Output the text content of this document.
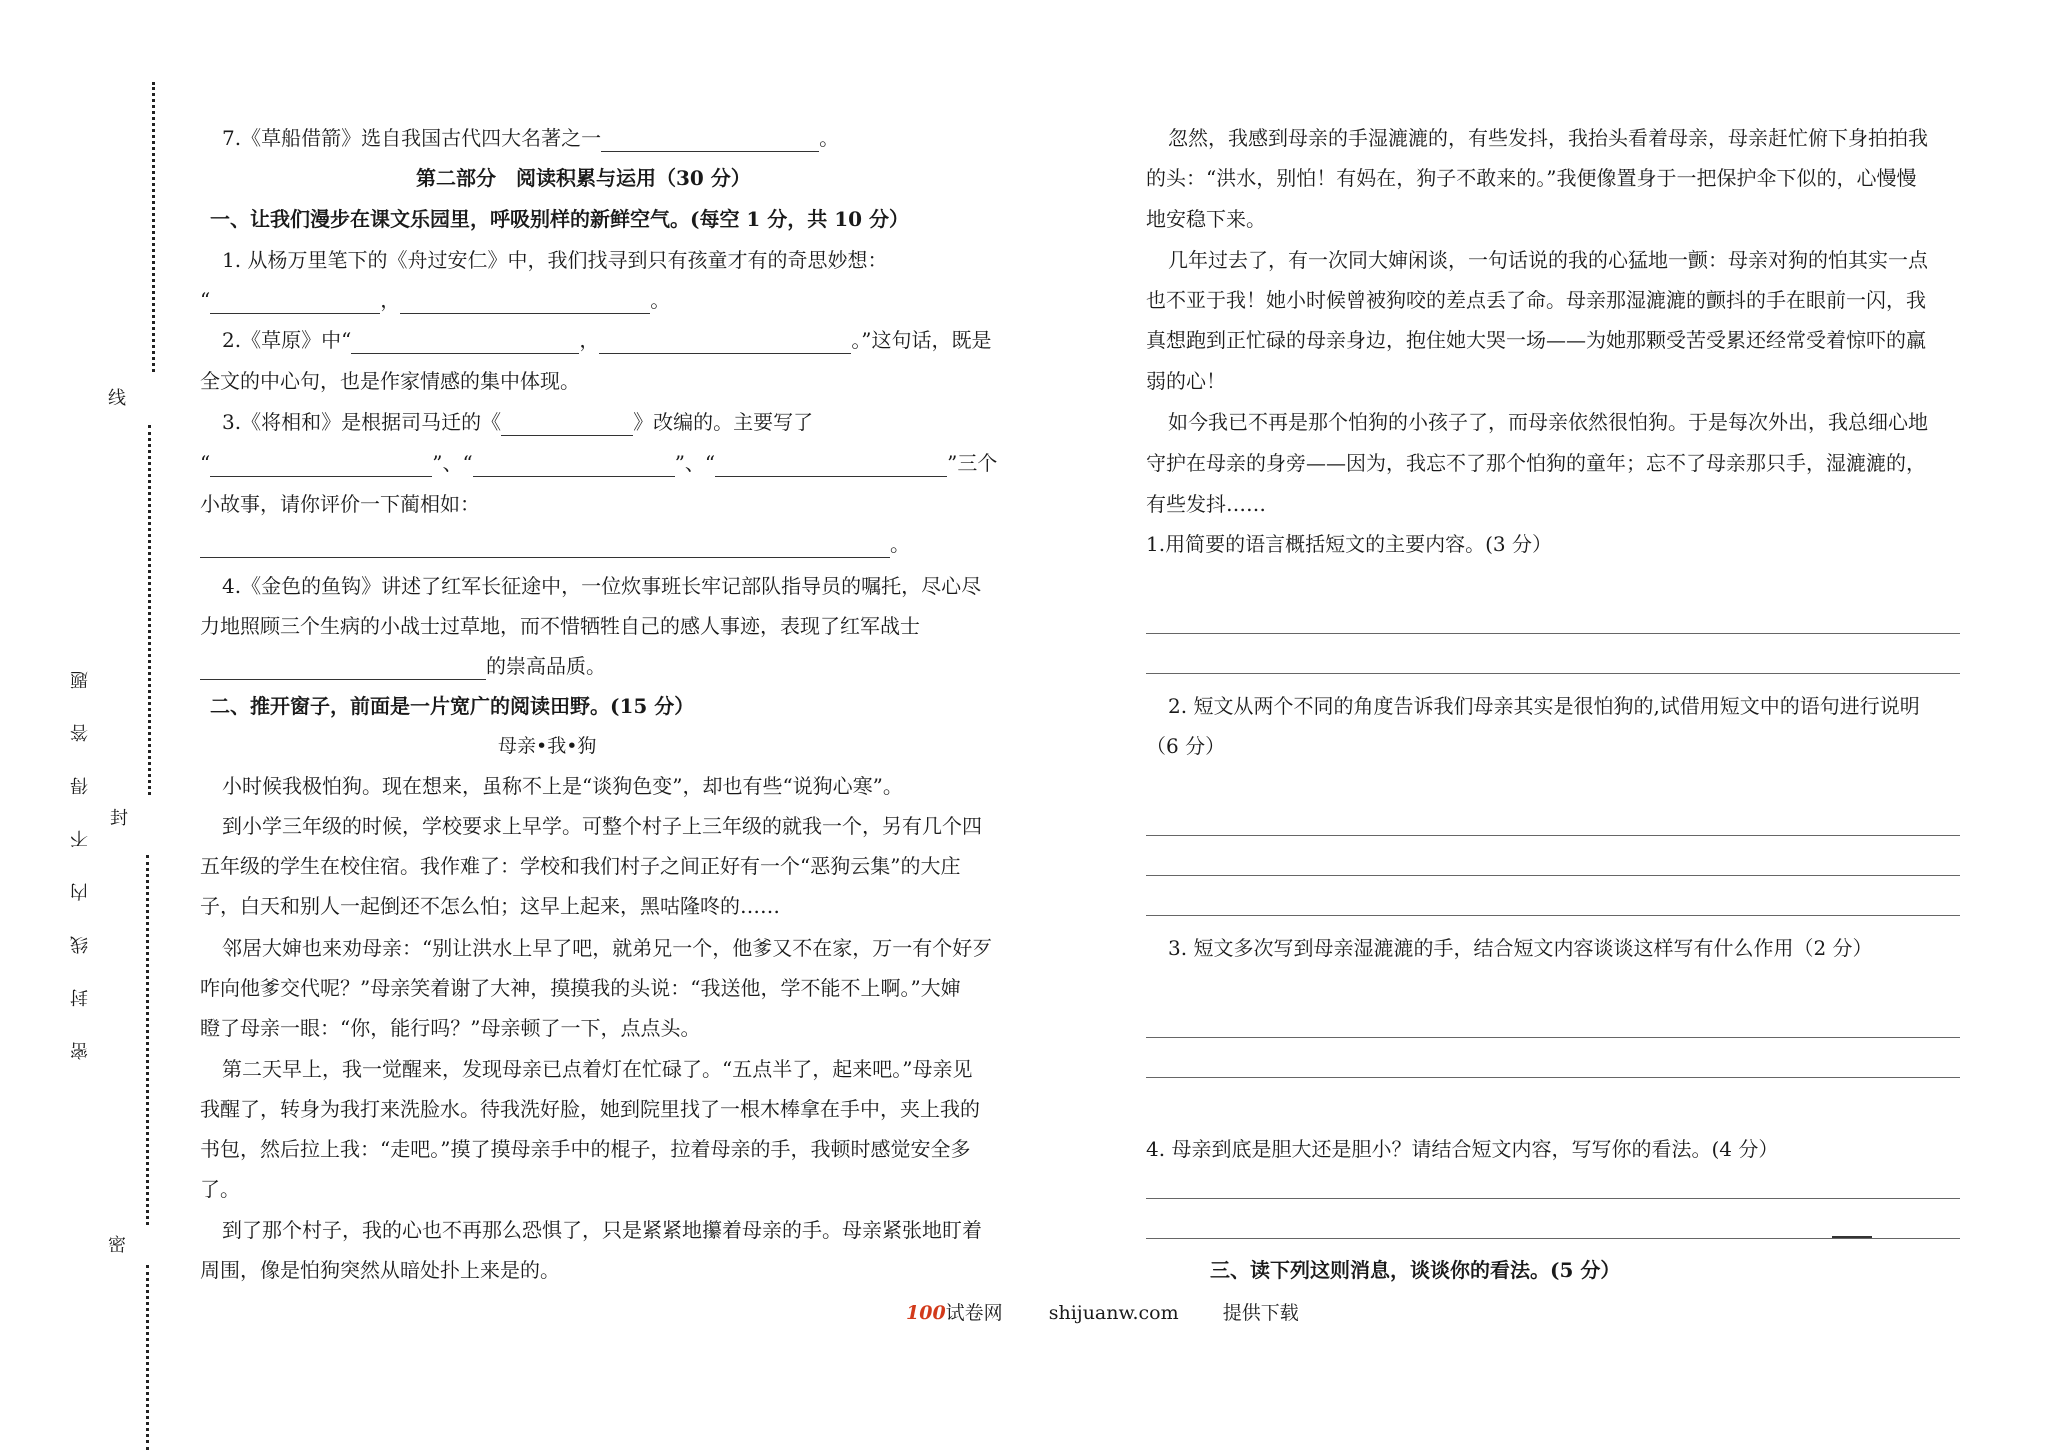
线
密封线内不得答题 封
密
7.《草船借箭》选自我国古代四大名著之一	。
第二部分　阅读积累与运用（30 分）
一、让我们漫步在课文乐园里，呼吸别样的新鲜空气。(每空 1 分，共 10 分）
1. 从杨万里笔下的《舟过安仁》中，我们找寻到只有孩童才有的奇思妙想：
“	，	。
2.《草原》中“	，	。”这句话，既是
全文的中心句，也是作家情感的集中体现。
3.《将相和》是根据司马迁的《	》改编的。主要写了
“	”、“	”、“	”三个
小故事，请你评价一下蔺相如：
。
4.《金色的鱼钩》讲述了红军长征途中，一位炊事班长牢记部队指导员的嘱托，尽心尽
力地照顾三个生病的小战士过草地，而不惜牺牲自己的感人事迹，表现了红军战士
的崇高品质。
二、推开窗子，前面是一片宽广的阅读田野。(15 分）
母亲•我•狗
小时候我极怕狗。现在想来，虽称不上是“谈狗色变”，却也有些“说狗心寒”。
到小学三年级的时候，学校要求上早学。可整个村子上三年级的就我一个，另有几个四
五年级的学生在校住宿。我作难了：学校和我们村子之间正好有一个“恶狗云集”的大庄
子，白天和别人一起倒还不怎么怕；这早上起来，黑咕隆咚的……
邻居大婶也来劝母亲：“别让洪水上早了吧，就弟兄一个，他爹又不在家，万一有个好歹
咋向他爹交代呢？”母亲笑着谢了大神，摸摸我的头说：“我送他，学不能不上啊。”大婶
瞪了母亲一眼：“你，能行吗？”母亲顿了一下，点点头。
第二天早上，我一觉醒来，发现母亲已点着灯在忙碌了。“五点半了，起来吧。”母亲见
我醒了，转身为我打来洗脸水。待我洗好脸，她到院里找了一根木棒拿在手中，夹上我的
书包，然后拉上我：“走吧。”摸了摸母亲手中的棍子，拉着母亲的手，我顿时感觉安全多
了。
到了那个村子，我的心也不再那么恐惧了，只是紧紧地攥着母亲的手。母亲紧张地盯着
周围，像是怕狗突然从暗处扑上来是的。
忽然，我感到母亲的手湿漉漉的，有些发抖，我抬头看着母亲，母亲赶忙俯下身拍拍我
的头：“洪水，别怕！有妈在，狗子不敢来的。”我便像置身于一把保护伞下似的，心慢慢
地安稳下来。
几年过去了，有一次同大婶闲谈，一句话说的我的心猛地一颤：母亲对狗的怕其实一点
也不亚于我！她小时候曾被狗咬的差点丢了命。母亲那湿漉漉的颤抖的手在眼前一闪，我
真想跑到正忙碌的母亲身边，抱住她大哭一场——为她那颗受苦受累还经常受着惊吓的羸
弱的心！
如今我已不再是那个怕狗的小孩子了，而母亲依然很怕狗。于是每次外出，我总细心地
守护在母亲的身旁——因为，我忘不了那个怕狗的童年；忘不了母亲那只手，湿漉漉的，
有些发抖……
1.用简要的语言概括短文的主要内容。(3 分）
2. 短文从两个不同的角度告诉我们母亲其实是很怕狗的,试借用短文中的语句进行说明
（6 分）
3. 短文多次写到母亲湿漉漉的手，结合短文内容谈谈这样写有什么作用（2 分）
4. 母亲到底是胆大还是胆小？请结合短文内容，写写你的看法。(4 分）
三、读下列这则消息，谈谈你的看法。(5 分）
100试卷网 shijuanw.com 提供下载
